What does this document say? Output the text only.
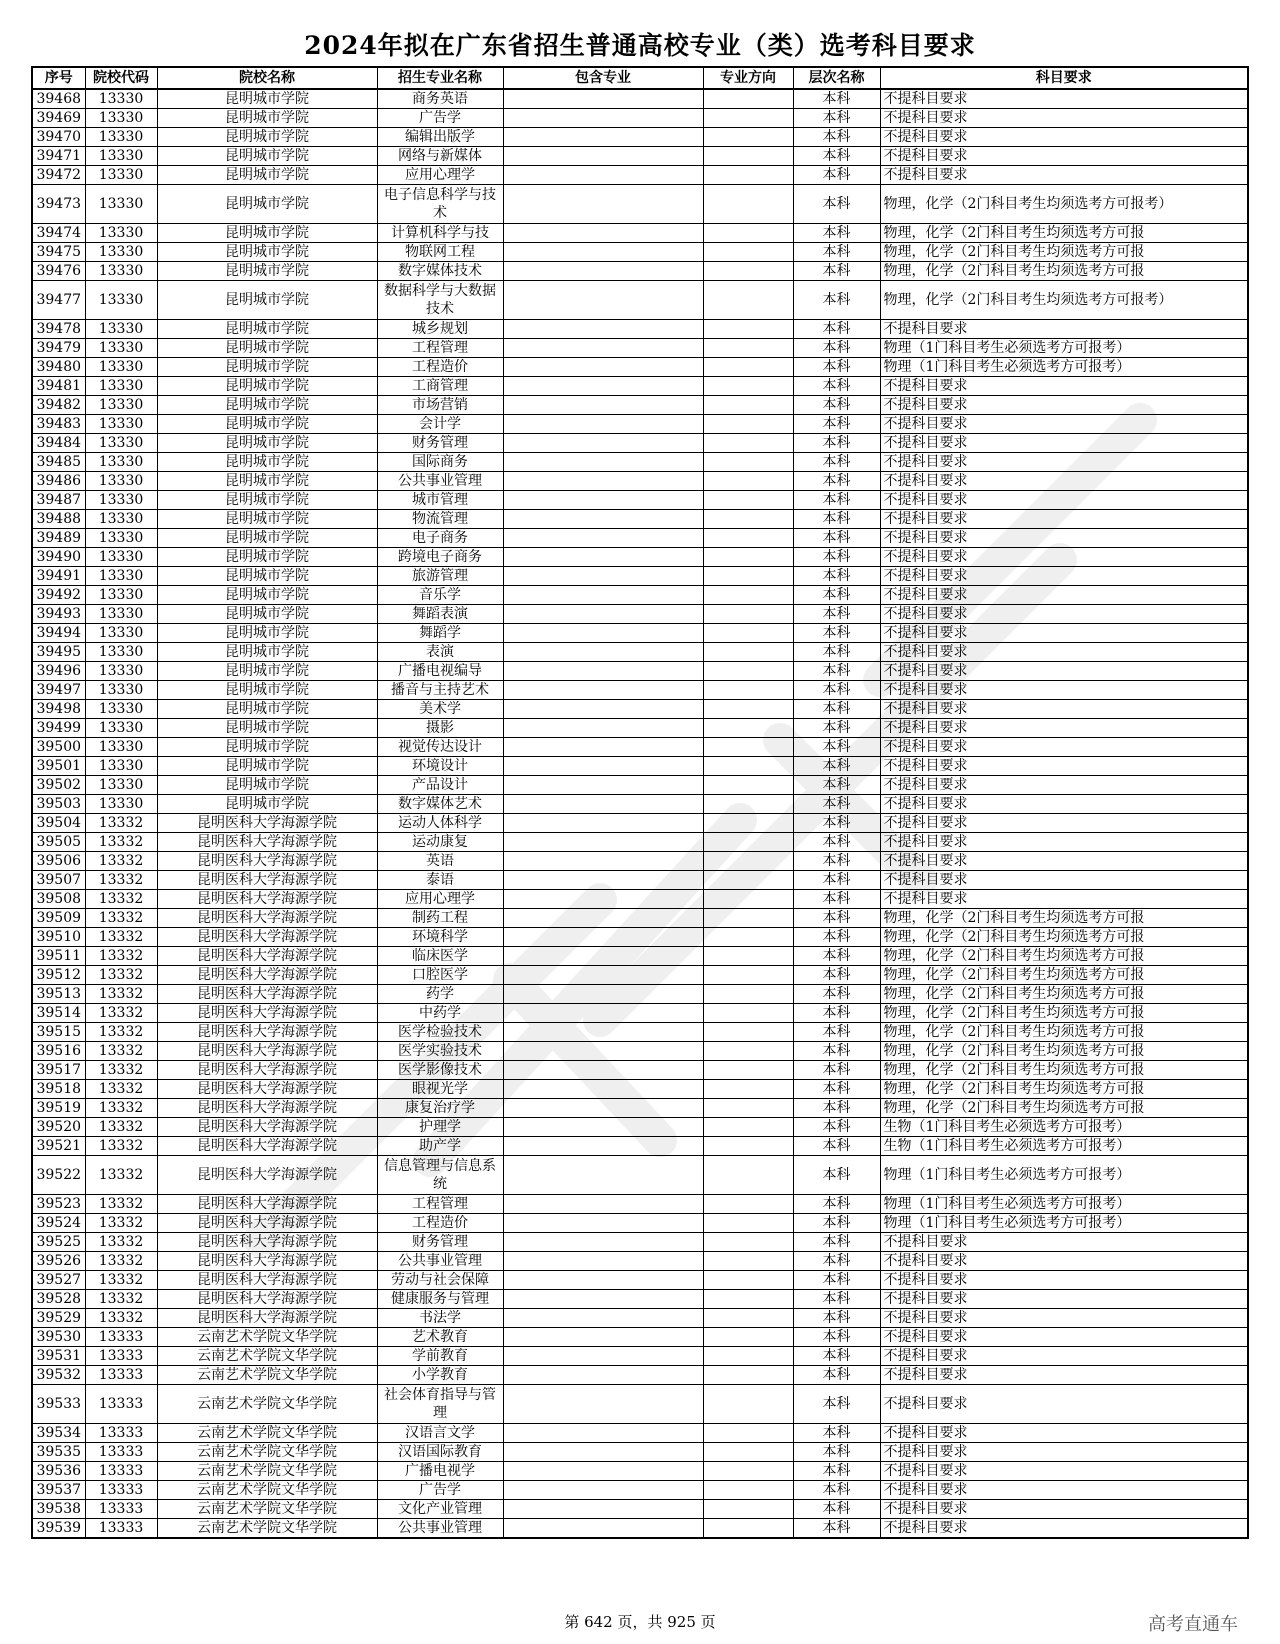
2024年拟在广东省招生普通高校专业（类）选考科目要求
序号	院校代码	院校名称	招生专业名称	包含专业	专业方向	层次名称	科目要求
39468	13330	昆明城市学院	商务英语			本科	不提科目要求
39469	13330	昆明城市学院	广告学			本科	不提科目要求
39470	13330	昆明城市学院	编辑出版学			本科	不提科目要求
39471	13330	昆明城市学院	网络与新媒体			本科	不提科目要求
39472	13330	昆明城市学院	应用心理学			本科	不提科目要求
39473	13330	昆明城市学院	电子信息科学与技术			本科	物理，化学（2门科目考生均须选考方可报考）
39474	13330	昆明城市学院	计算机科学与技			本科	物理，化学（2门科目考生均须选考方可报
39475	13330	昆明城市学院	物联网工程			本科	物理，化学（2门科目考生均须选考方可报
39476	13330	昆明城市学院	数字媒体技术			本科	物理，化学（2门科目考生均须选考方可报
39477	13330	昆明城市学院	数据科学与大数据技术			本科	物理，化学（2门科目考生均须选考方可报考）
39478	13330	昆明城市学院	城乡规划			本科	不提科目要求
39479	13330	昆明城市学院	工程管理			本科	物理（1门科目考生必须选考方可报考）
39480	13330	昆明城市学院	工程造价			本科	物理（1门科目考生必须选考方可报考）
39481	13330	昆明城市学院	工商管理			本科	不提科目要求
39482	13330	昆明城市学院	市场营销			本科	不提科目要求
39483	13330	昆明城市学院	会计学			本科	不提科目要求
39484	13330	昆明城市学院	财务管理			本科	不提科目要求
39485	13330	昆明城市学院	国际商务			本科	不提科目要求
39486	13330	昆明城市学院	公共事业管理			本科	不提科目要求
39487	13330	昆明城市学院	城市管理			本科	不提科目要求
39488	13330	昆明城市学院	物流管理			本科	不提科目要求
39489	13330	昆明城市学院	电子商务			本科	不提科目要求
39490	13330	昆明城市学院	跨境电子商务			本科	不提科目要求
39491	13330	昆明城市学院	旅游管理			本科	不提科目要求
39492	13330	昆明城市学院	音乐学			本科	不提科目要求
39493	13330	昆明城市学院	舞蹈表演			本科	不提科目要求
39494	13330	昆明城市学院	舞蹈学			本科	不提科目要求
39495	13330	昆明城市学院	表演			本科	不提科目要求
39496	13330	昆明城市学院	广播电视编导			本科	不提科目要求
39497	13330	昆明城市学院	播音与主持艺术			本科	不提科目要求
39498	13330	昆明城市学院	美术学			本科	不提科目要求
39499	13330	昆明城市学院	摄影			本科	不提科目要求
39500	13330	昆明城市学院	视觉传达设计			本科	不提科目要求
39501	13330	昆明城市学院	环境设计			本科	不提科目要求
39502	13330	昆明城市学院	产品设计			本科	不提科目要求
39503	13330	昆明城市学院	数字媒体艺术			本科	不提科目要求
39504	13332	昆明医科大学海源学院	运动人体科学			本科	不提科目要求
39505	13332	昆明医科大学海源学院	运动康复			本科	不提科目要求
39506	13332	昆明医科大学海源学院	英语			本科	不提科目要求
39507	13332	昆明医科大学海源学院	泰语			本科	不提科目要求
39508	13332	昆明医科大学海源学院	应用心理学			本科	不提科目要求
39509	13332	昆明医科大学海源学院	制药工程			本科	物理，化学（2门科目考生均须选考方可报
39510	13332	昆明医科大学海源学院	环境科学			本科	物理，化学（2门科目考生均须选考方可报
39511	13332	昆明医科大学海源学院	临床医学			本科	物理，化学（2门科目考生均须选考方可报
39512	13332	昆明医科大学海源学院	口腔医学			本科	物理，化学（2门科目考生均须选考方可报
39513	13332	昆明医科大学海源学院	药学			本科	物理，化学（2门科目考生均须选考方可报
39514	13332	昆明医科大学海源学院	中药学			本科	物理，化学（2门科目考生均须选考方可报
39515	13332	昆明医科大学海源学院	医学检验技术			本科	物理，化学（2门科目考生均须选考方可报
39516	13332	昆明医科大学海源学院	医学实验技术			本科	物理，化学（2门科目考生均须选考方可报
39517	13332	昆明医科大学海源学院	医学影像技术			本科	物理，化学（2门科目考生均须选考方可报
39518	13332	昆明医科大学海源学院	眼视光学			本科	物理，化学（2门科目考生均须选考方可报
39519	13332	昆明医科大学海源学院	康复治疗学			本科	物理，化学（2门科目考生均须选考方可报
39520	13332	昆明医科大学海源学院	护理学			本科	生物（1门科目考生必须选考方可报考）
39521	13332	昆明医科大学海源学院	助产学			本科	生物（1门科目考生必须选考方可报考）
39522	13332	昆明医科大学海源学院	信息管理与信息系统			本科	物理（1门科目考生必须选考方可报考）
39523	13332	昆明医科大学海源学院	工程管理			本科	物理（1门科目考生必须选考方可报考）
39524	13332	昆明医科大学海源学院	工程造价			本科	物理（1门科目考生必须选考方可报考）
39525	13332	昆明医科大学海源学院	财务管理			本科	不提科目要求
39526	13332	昆明医科大学海源学院	公共事业管理			本科	不提科目要求
39527	13332	昆明医科大学海源学院	劳动与社会保障			本科	不提科目要求
39528	13332	昆明医科大学海源学院	健康服务与管理			本科	不提科目要求
39529	13332	昆明医科大学海源学院	书法学			本科	不提科目要求
39530	13333	云南艺术学院文华学院	艺术教育			本科	不提科目要求
39531	13333	云南艺术学院文华学院	学前教育			本科	不提科目要求
39532	13333	云南艺术学院文华学院	小学教育			本科	不提科目要求
39533	13333	云南艺术学院文华学院	社会体育指导与管理			本科	不提科目要求
39534	13333	云南艺术学院文华学院	汉语言文学			本科	不提科目要求
39535	13333	云南艺术学院文华学院	汉语国际教育			本科	不提科目要求
39536	13333	云南艺术学院文华学院	广播电视学			本科	不提科目要求
39537	13333	云南艺术学院文华学院	广告学			本科	不提科目要求
39538	13333	云南艺术学院文华学院	文化产业管理			本科	不提科目要求
39539	13333	云南艺术学院文华学院	公共事业管理			本科	不提科目要求
第 642 页，共 925 页	高考直通车
